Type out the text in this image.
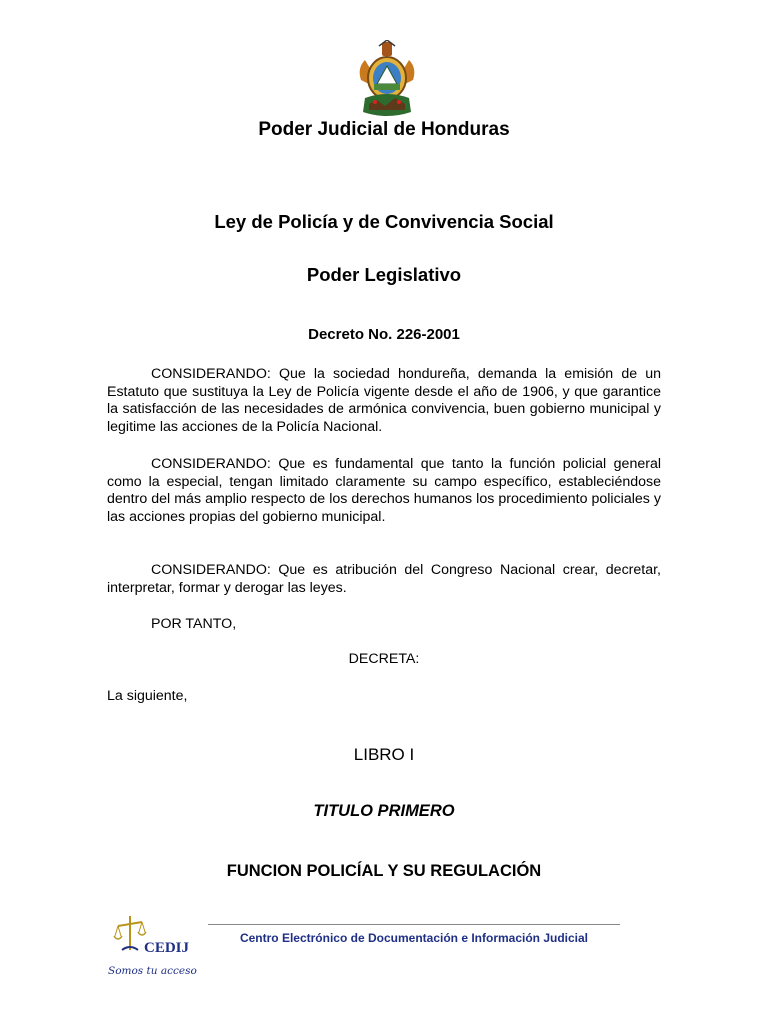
Poder Judicial de Honduras
Ley de Policía y de Convivencia Social
Poder Legislativo
Decreto No. 226-2001

CONSIDERANDO: Que la sociedad hondureña, demanda la emisión de un Estatuto que sustituya la Ley de Policía vigente desde el año de 1906, y que garantice la satisfacción de las necesidades de armónica convivencia, buen gobierno municipal y legitime las acciones de la Policía Nacional.

CONSIDERANDO: Que es fundamental que tanto la función policial general como la especial, tengan limitado claramente su campo específico, estableciéndose dentro del más amplio respecto de los derechos humanos los procedimiento policiales y las acciones propias del gobierno municipal.

CONSIDERANDO: Que es atribución del Congreso Nacional crear, decretar, interpretar, formar y derogar las leyes.

POR TANTO,
DECRETA:
La siguiente,
LIBRO I
TITULO PRIMERO
FUNCION POLICÍAL Y SU REGULACIÓN
CEDIJ
Somos tu acceso
Centro Electrónico de Documentación e Información Judicial
